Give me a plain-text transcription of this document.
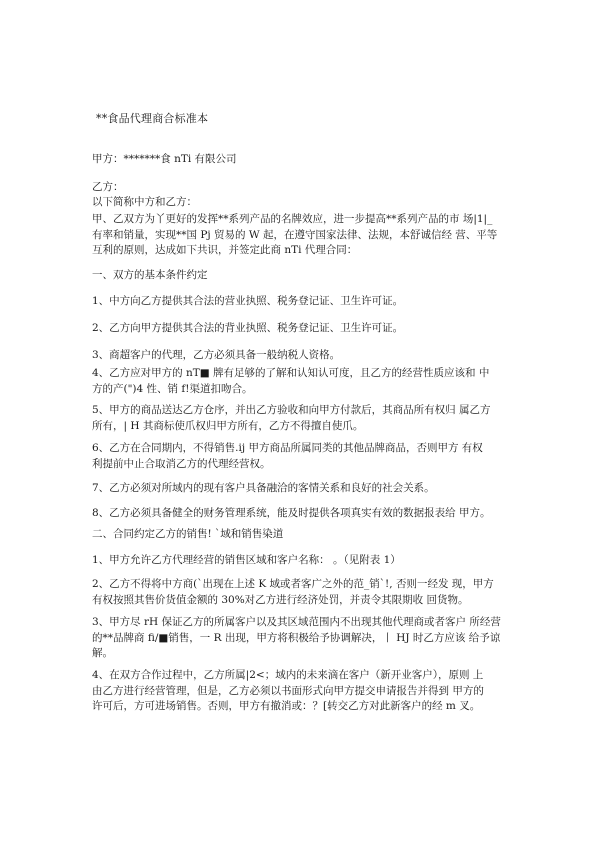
**食品代理商合标准本
甲方：*******食 nTi 有限公司
乙方：
以下简称中方和乙方：
甲、乙双方为丫更好的发挥**系列产品的名牌效应，进一步提高**系列产品的市 场|1|_
有率和销量，实现**国 Pj 贸易的 W 起，在遵守国家法律、法规，本舒诚信经 营、平等
互利的原则，达成如下共识，并签定此商 nTi 代理合同：
一、双方的基本条件约定
1、中方向乙方提供其合法的营业执照、税务登记证、卫生许可证。
2、乙方向甲方提供其合法的背业执照、税务登记证、卫生许可证。
3、商超客户的代理，乙方必须具备一般纳税人资格。
4、乙方应对甲方的 nT■ 牌有足够的了解和认知认可度，且乙方的经营性质应该和 中
方的产(")4 性、销 f!渠道扣吻合。
5、甲方的商品送达乙方仓序，并出乙方验收和向甲方付款后，其商品所有权归 属乙方
所有，| H 其商标使爪权归甲方所有，乙方不得擅自使爪。
6、乙方在合同期内，不得销售.ij 甲方商品所属同类的其他品牌商品，否则甲方 有权
利提前中止合取消乙方的代理经营权。
7、乙方必须对所域内的现有客户具备融洽的客情关系和良好的社会关系。
8、乙方必须具备健全的财务管理系统，能及时提供各项真实有效的数据报表给 甲方。
二、合同约定乙方的销售! `域和销售染道
1、甲方允许乙方代理经营的销售区域和客户名称： 。（见附表 1）
2、乙方不得将中方商(`出现在上述 K 域或者客广之外的范_销`!, 否则一经发 现，甲方
有权按照其售价货值金额的 30%对乙方进行经济处罚，并责令其限期收 回货物。
3、甲方尽 rH 保证乙方的所属客户以及其区域范围内不出现其他代理商或者客户 所经营
的**品牌商 fi/■销售，一 R 出现，甲方将积极给予协调解决，丨 HJ 时乙方应该 给予谅
解。
4、在双方合作过程中，乙方所属|2<；域内的未来滴在客户（新开业客户），原则 上
由乙方进行经营管理，但是，乙方必须以书面形式向甲方提交申请报告并得到 甲方的
许可后，方可进场销售。否则，甲方有撤消或：？[转交乙方对此新客户的经 m 叉。
